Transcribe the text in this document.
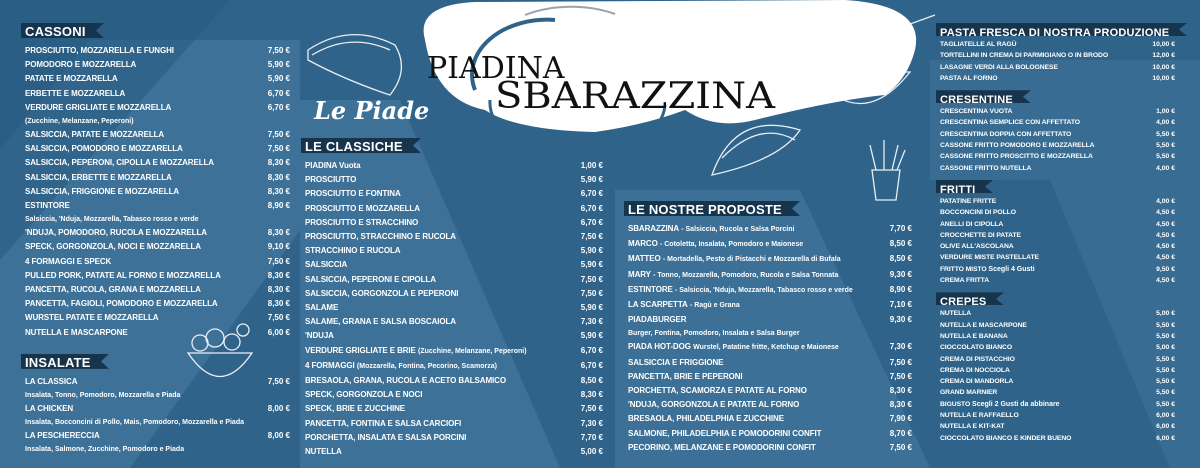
PIADINA
SBARAZZINA
Le Piade
CASSONI
PROSCIUTTO, MOZZARELLA E FUNGHI	7,50 €
POMODORO E MOZZARELLA	5,90 €
PATATE E MOZZARELLA	5,90 €
ERBETTE E MOZZARELLA	6,70 €
VERDURE GRIGLIATE E MOZZARELLA	6,70 €
(Zucchine, Melanzane, Peperoni)
SALSICCIA, PATATE E MOZZARELLA	7,50 €
SALSICCIA, POMODORO E MOZZARELLA	7,50 €
SALSICCIA, PEPERONI, CIPOLLA E MOZZARELLA	8,30 €
SALSICCIA, ERBETTE E MOZZARELLA	8,30 €
SALSICCIA, FRIGGIONE E MOZZARELLA	8,30 €
ESTINTORE	8,90 €
Salsiccia, 'Nduja, Mozzarella, Tabasco rosso e verde
'NDUJA, POMODORO, RUCOLA E MOZZARELLA	8,30 €
SPECK, GORGONZOLA, NOCI E MOZZARELLA	9,10 €
4 FORMAGGI E SPECK	7,50 €
PULLED PORK, PATATE AL FORNO E MOZZARELLA	8,30 €
PANCETTA, RUCOLA, GRANA E MOZZARELLA	8,30 €
PANCETTA, FAGIOLI, POMODORO E MOZZARELLA	8,30 €
WURSTEL PATATE E MOZZARELLA	7,50 €
NUTELLA E MASCARPONE	6,00 €
INSALATE
LA CLASSICA	7,50 €
Insalata, Tonno, Pomodoro, Mozzarella e Piada
LA CHICKEN	8,00 €
Insalata, Bocconcini di Pollo, Mais, Pomodoro, Mozzarella e Piada
LA PESCHERECCIA	8,00 €
Insalata, Salmone, Zucchine, Pomodoro e Piada
LE CLASSICHE
PIADINA Vuota	1,00 €
PROSCIUTTO	5,90 €
PROSCIUTTO E FONTINA	6,70 €
PROSCIUTTO E MOZZARELLA	6,70 €
PROSCIUTTO E STRACCHINO	6,70 €
PROSCIUTTO, STRACCHINO E RUCOLA	7,50 €
STRACCHINO E RUCOLA	5,90 €
SALSICCIA	5,90 €
SALSICCIA, PEPERONI E CIPOLLA	7,50 €
SALSICCIA, GORGONZOLA E PEPERONI	7,50 €
SALAME	5,90 €
SALAME, GRANA E SALSA BOSCAIOLA	7,30 €
'NDUJA	5,90 €
VERDURE GRIGLIATE E BRIE (Zucchine, Melanzane, Peperoni)	6,70 €
4 FORMAGGI (Mozzarella, Fontina, Pecorino, Scamorza)	6,70 €
BRESAOLA, GRANA, RUCOLA E ACETO BALSAMICO	8,50 €
SPECK, GORGONZOLA E NOCI	8,30 €
SPECK, BRIE E ZUCCHINE	7,50 €
PANCETTA, FONTINA E SALSA CARCIOFI	7,30 €
PORCHETTA, INSALATA E SALSA PORCINI	7,70 €
NUTELLA	5,00 €
LE NOSTRE PROPOSTE
SBARAZZINA - Salsiccia, Rucola e Salsa Porcini	7,70 €
MARCO - Cotoletta, Insalata, Pomodoro e Maionese	8,50 €
MATTEO - Mortadella, Pesto di Pistacchi e Mozzarella di Bufala	8,50 €
MARY - Tonno, Mozzarella, Pomodoro, Rucola e Salsa Tonnata	9,30 €
ESTINTORE - Salsiccia, 'Nduja, Mozzarella, Tabasco rosso e verde	8,90 €
LA SCARPETTA - Ragù e Grana	7,10 €
PIADABURGER	9,30 €
Burger, Fontina, Pomodoro, Insalata e Salsa Burger
PIADA HOT-DOG Wurstel, Patatine fritte, Ketchup e Maionese	7,30 €
SALSICCIA E FRIGGIONE	7,50 €
PANCETTA, BRIE E PEPERONI	7,50 €
PORCHETTA, SCAMORZA E PATATE AL FORNO	8,30 €
'NDUJA, GORGONZOLA E PATATE AL FORNO	8,30 €
BRESAOLA, PHILADELPHIA E ZUCCHINE	7,90 €
SALMONE, PHILADELPHIA E POMODORINI CONFIT	8,70 €
PECORINO, MELANZANE E POMODORINI CONFIT	7,50 €
PASTA FRESCA DI NOSTRA PRODUZIONE
TAGLIATELLE AL RAGÙ	10,00 €
TORTELLINI IN CREMA DI PARMIGIANO O IN BRODO	12,00 €
LASAGNE VERDI ALLA BOLOGNESE	10,00 €
PASTA AL FORNO	10,00 €
CRESENTINE
CRESCENTINA VUOTA	1,00 €
CRESCENTINA SEMPLICE CON AFFETTATO	4,00 €
CRESCENTINA DOPPIA CON AFFETTATO	5,50 €
CASSONE FRITTO POMODORO E MOZZARELLA	5,50 €
CASSONE FRITTO PROSCITTO E MOZZARELLA	5,50 €
CASSONE FRITTO NUTELLA	4,00 €
FRITTI
PATATINE FRITTE	4,00 €
BOCCONCINI DI POLLO	4,50 €
ANELLI DI CIPOLLA	4,50 €
CROCCHETTE DI PATATE	4,50 €
OLIVE ALL'ASCOLANA	4,50 €
VERDURE MISTE PASTELLATE	4,50 €
FRITTO MISTO Scegli 4 Gusti	9,50 €
CREMA FRITTA	4,50 €
CREPES
NUTELLA	5,00 €
NUTELLA E MASCARPONE	5,50 €
NUTELLA E BANANA	5,50 €
CIOCCOLATO BIANCO	5,00 €
CREMA DI PISTACCHIO	5,50 €
CREMA DI NOCCIOLA	5,50 €
CREMA DI MANDORLA	5,50 €
GRAND MARNIER	5,50 €
BIGUSTO Scegli 2 Gusti da abbinare	5,50 €
NUTELLA E RAFFAELLO	6,00 €
NUTELLA E KIT-KAT	6,00 €
CIOCCOLATO BIANCO E KINDER BUENO	6,00 €
